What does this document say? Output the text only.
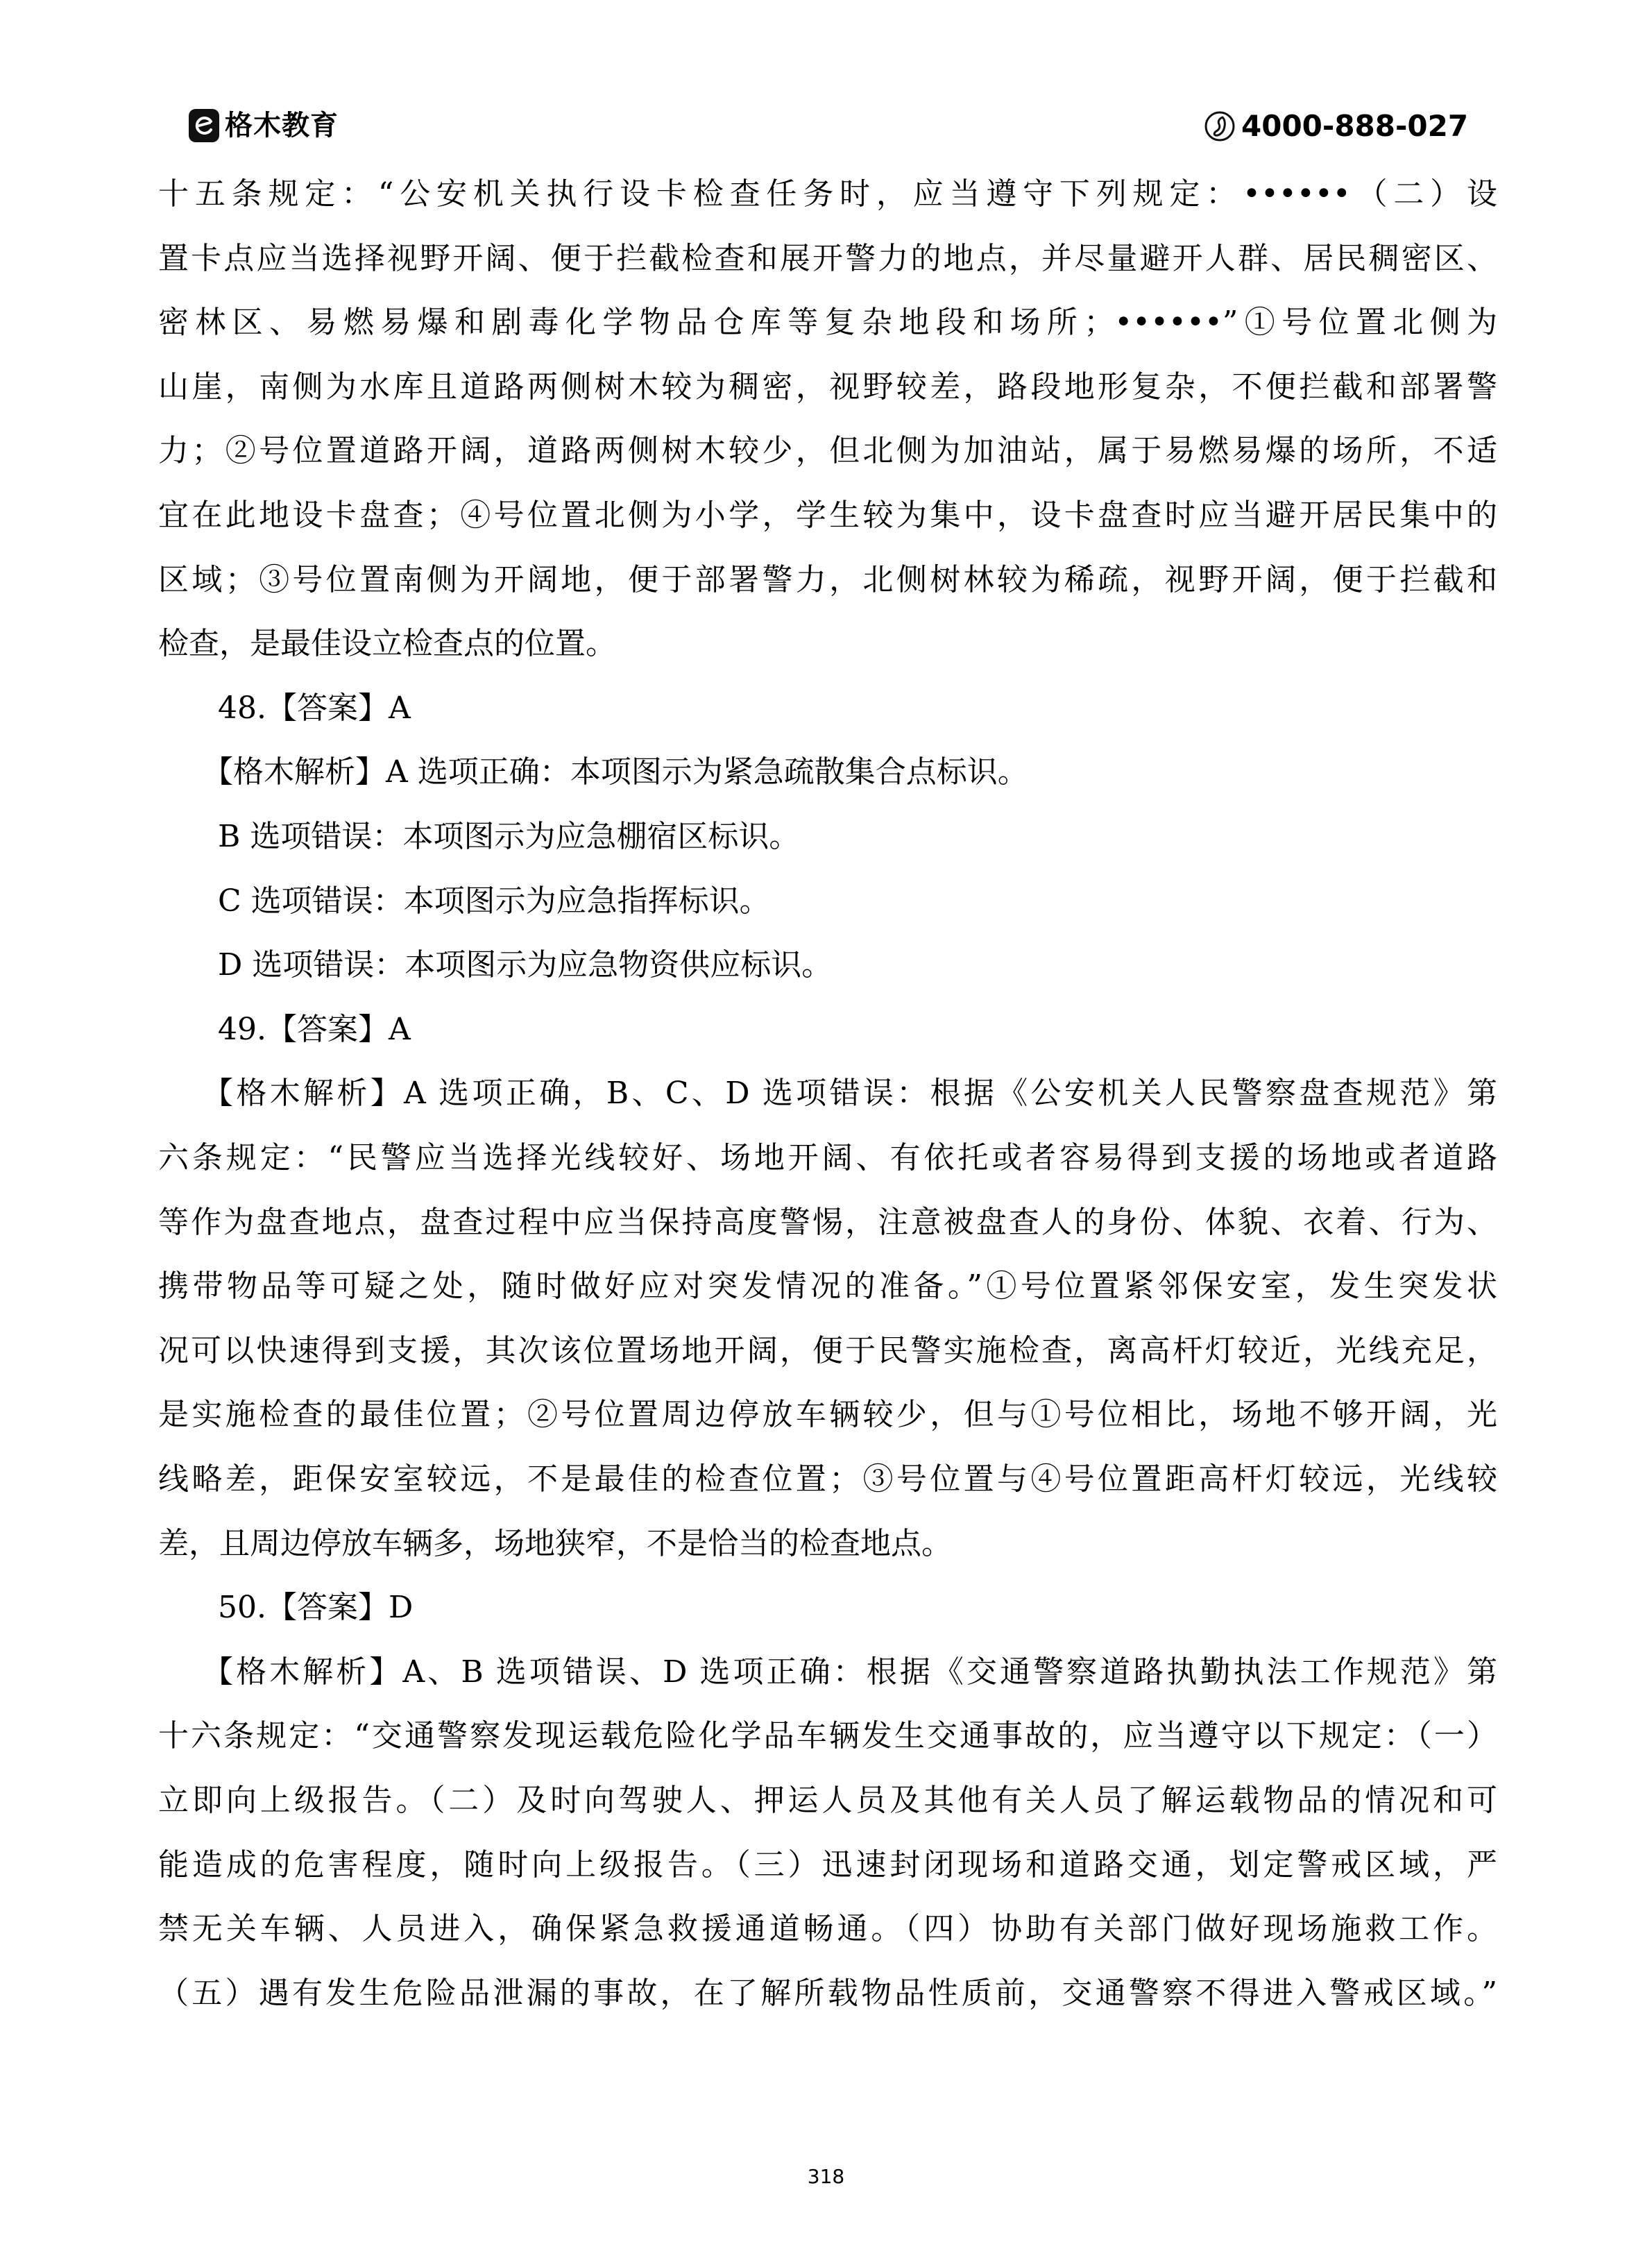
格木教育	4000-888-027
十五条规定：“公安机关执行设卡检查任务时，应当遵守下列规定：••••••（二）设
置卡点应当选择视野开阔、便于拦截检查和展开警力的地点，并尽量避开人群、居民稠密区、
密林区、易燃易爆和剧毒化学物品仓库等复杂地段和场所；••••••”①号位置北侧为
山崖，南侧为水库且道路两侧树木较为稠密，视野较差，路段地形复杂，不便拦截和部署警
力；②号位置道路开阔，道路两侧树木较少，但北侧为加油站，属于易燃易爆的场所，不适
宜在此地设卡盘查；④号位置北侧为小学，学生较为集中，设卡盘查时应当避开居民集中的
区域；③号位置南侧为开阔地，便于部署警力，北侧树林较为稀疏，视野开阔，便于拦截和
检查，是最佳设立检查点的位置。
48.【答案】A
【格木解析】A 选项正确：本项图示为紧急疏散集合点标识。
B 选项错误：本项图示为应急棚宿区标识。
C 选项错误：本项图示为应急指挥标识。
D 选项错误：本项图示为应急物资供应标识。
49.【答案】A
【格木解析】A 选项正确，B、C、D 选项错误：根据《公安机关人民警察盘查规范》第
六条规定：“民警应当选择光线较好、场地开阔、有依托或者容易得到支援的场地或者道路
等作为盘查地点，盘查过程中应当保持高度警惕，注意被盘查人的身份、体貌、衣着、行为、
携带物品等可疑之处，随时做好应对突发情况的准备。”①号位置紧邻保安室，发生突发状
况可以快速得到支援，其次该位置场地开阔，便于民警实施检查，离高杆灯较近，光线充足，
是实施检查的最佳位置；②号位置周边停放车辆较少，但与①号位相比，场地不够开阔，光
线略差，距保安室较远，不是最佳的检查位置；③号位置与④号位置距高杆灯较远，光线较
差，且周边停放车辆多，场地狭窄，不是恰当的检查地点。
50.【答案】D
【格木解析】A、B 选项错误、D 选项正确：根据《交通警察道路执勤执法工作规范》第
十六条规定：“交通警察发现运载危险化学品车辆发生交通事故的，应当遵守以下规定：（一）
立即向上级报告。（二）及时向驾驶人、押运人员及其他有关人员了解运载物品的情况和可
能造成的危害程度，随时向上级报告。（三）迅速封闭现场和道路交通，划定警戒区域，严
禁无关车辆、人员进入，确保紧急救援通道畅通。（四）协助有关部门做好现场施救工作。
（五）遇有发生危险品泄漏的事故，在了解所载物品性质前，交通警察不得进入警戒区域。”
318
